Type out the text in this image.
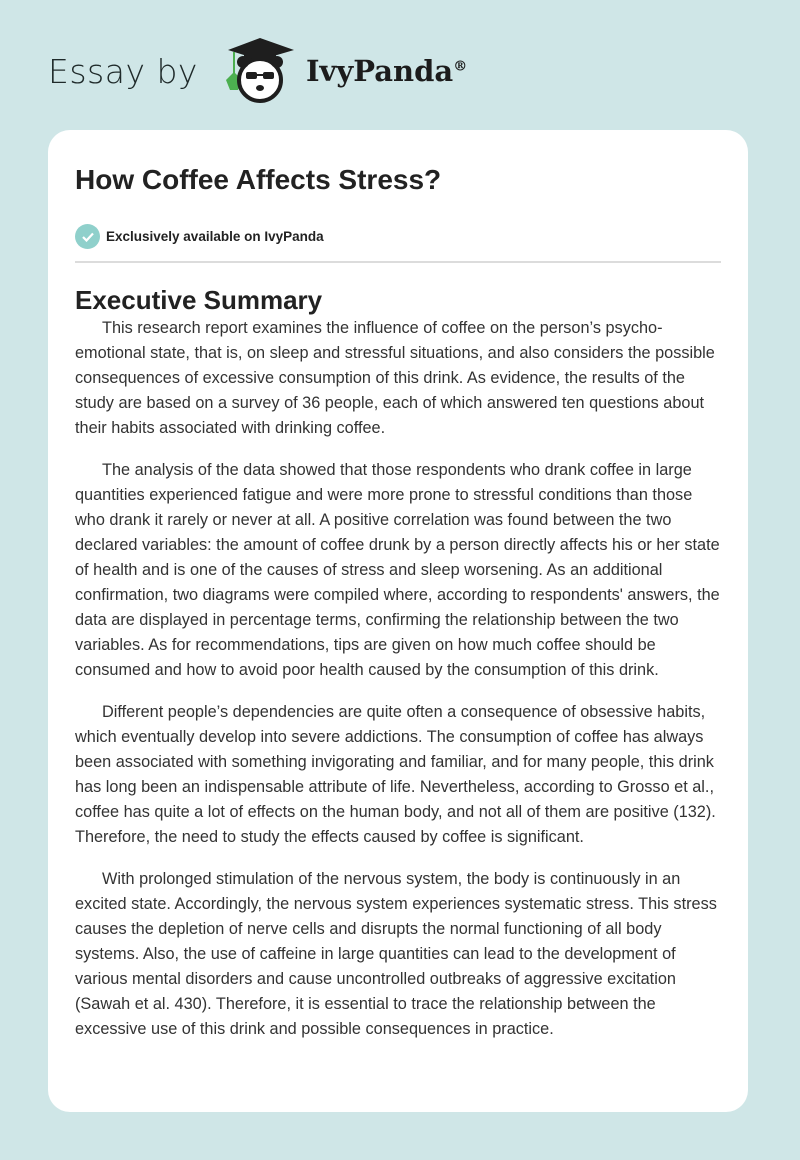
Essay by	IvyPanda®
How Coffee Affects Stress?
Exclusively available on IvyPanda
Executive Summary

This research report examines the influence of coffee on the person’s psycho-emotional state, that is, on sleep and stressful situations, and also considers the possible consequences of excessive consumption of this drink. As evidence, the results of the study are based on a survey of 36 people, each of which answered ten questions about their habits associated with drinking coffee.

The analysis of the data showed that those respondents who drank coffee in large quantities experienced fatigue and were more prone to stressful conditions than those who drank it rarely or never at all. A positive correlation was found between the two declared variables: the amount of coffee drunk by a person directly affects his or her state of health and is one of the causes of stress and sleep worsening. As an additional confirmation, two diagrams were compiled where, according to respondents' answers, the data are displayed in percentage terms, confirming the relationship between the two variables. As for recommendations, tips are given on how much coffee should be consumed and how to avoid poor health caused by the consumption of this drink.

Different people’s dependencies are quite often a consequence of obsessive habits, which eventually develop into severe addictions. The consumption of coffee has always been associated with something invigorating and familiar, and for many people, this drink has long been an indispensable attribute of life. Nevertheless, according to Grosso et al., coffee has quite a lot of effects on the human body, and not all of them are positive (132). Therefore, the need to study the effects caused by coffee is significant.

With prolonged stimulation of the nervous system, the body is continuously in an excited state. Accordingly, the nervous system experiences systematic stress. This stress causes the depletion of nerve cells and disrupts the normal functioning of all body systems. Also, the use of caffeine in large quantities can lead to the development of various mental disorders and cause uncontrolled outbreaks of aggressive excitation (Sawah et al. 430). Therefore, it is essential to trace the relationship between the excessive use of this drink and possible consequences in practice.
